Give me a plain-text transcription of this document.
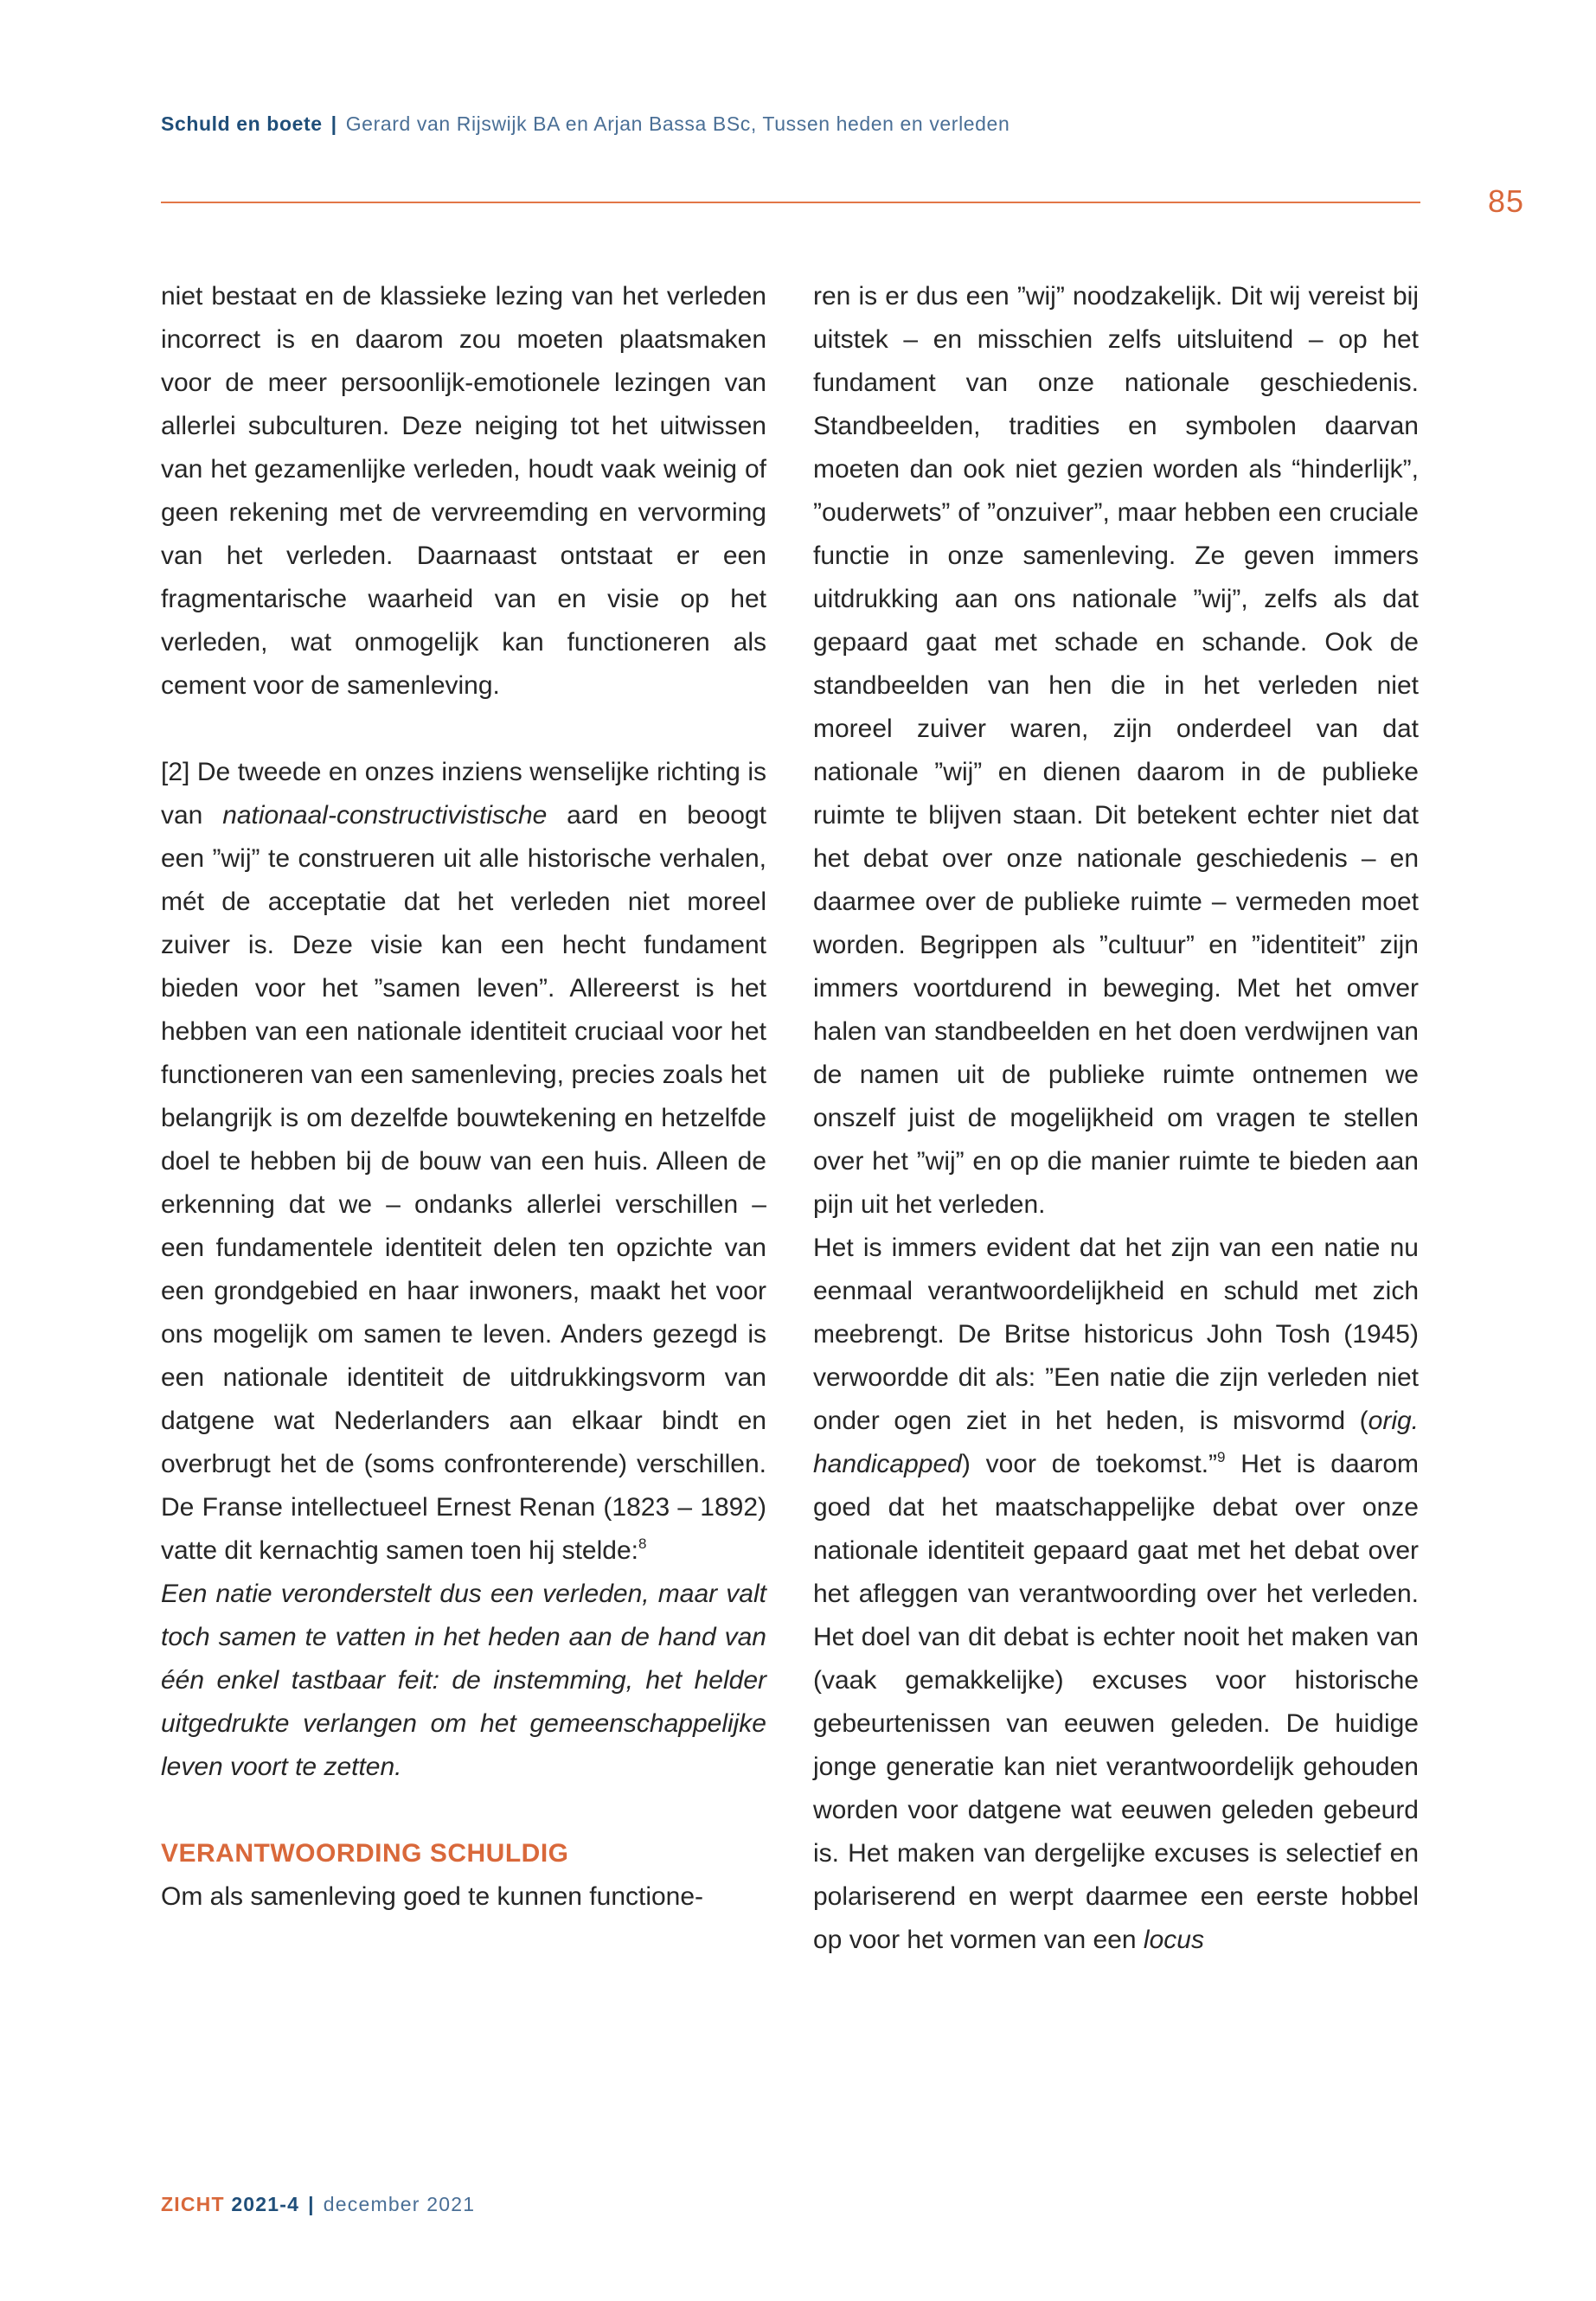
Schuld en boete | Gerard van Rijswijk BA en Arjan Bassa BSc, Tussen heden en verleden
85

niet bestaat en de klassieke lezing van het verleden incorrect is en daarom zou moeten plaatsmaken voor de meer persoonlijk-emotionele lezingen van allerlei subculturen. Deze neiging tot het uitwissen van het gezamenlijke verleden, houdt vaak weinig of geen rekening met de vervreemding en vervorming van het verleden. Daarnaast ontstaat er een fragmentarische waarheid van en visie op het verleden, wat onmogelijk kan functioneren als cement voor de samenleving.

[2] De tweede en onzes inziens wenselijke richting is van nationaal-constructivistische aard en beoogt een ”wij” te construeren uit alle historische verhalen, mét de acceptatie dat het verleden niet moreel zuiver is. Deze visie kan een hecht fundament bieden voor het ”samen leven”. Allereerst is het hebben van een nationale identiteit cruciaal voor het functioneren van een samenleving, precies zoals het belangrijk is om dezelfde bouwtekening en hetzelfde doel te hebben bij de bouw van een huis. Alleen de erkenning dat we – ondanks allerlei verschillen – een fundamentele identiteit delen ten opzichte van een grondgebied en haar inwoners, maakt het voor ons mogelijk om samen te leven. Anders gezegd is een nationale identiteit de uitdrukkingsvorm van datgene wat Nederlanders aan elkaar bindt en overbrugt het de (soms confronterende) verschillen. De Franse intellectueel Ernest Renan (1823 – 1892) vatte dit kernachtig samen toen hij stelde:$^8$

Een natie veronderstelt dus een verleden, maar valt toch samen te vatten in het heden aan de hand van één enkel tastbaar feit: de instemming, het helder uitgedrukte verlangen om het gemeenschappelijke leven voort te zetten.

VERANTWOORDING SCHULDIG

Om als samenleving goed te kunnen functione-

ren is er dus een ”wij” noodzakelijk. Dit wij vereist bij uitstek – en misschien zelfs uitsluitend – op het fundament van onze nationale geschiedenis. Standbeelden, tradities en symbolen daarvan moeten dan ook niet gezien worden als “hinderlijk”, ”ouderwets” of ”onzuiver”, maar hebben een cruciale functie in onze samenleving. Ze geven immers uitdrukking aan ons nationale ”wij”, zelfs als dat gepaard gaat met schade en schande. Ook de standbeelden van hen die in het verleden niet moreel zuiver waren, zijn onderdeel van dat nationale ”wij” en dienen daarom in de publieke ruimte te blijven staan. Dit betekent echter niet dat het debat over onze nationale geschiedenis – en daarmee over de publieke ruimte – vermeden moet worden. Begrippen als ”cultuur” en ”identiteit” zijn immers voortdurend in beweging. Met het omver halen van standbeelden en het doen verdwijnen van de namen uit de publieke ruimte ontnemen we onszelf juist de mogelijkheid om vragen te stellen over het ”wij” en op die manier ruimte te bieden aan pijn uit het verleden.

Het is immers evident dat het zijn van een natie nu eenmaal verantwoordelijkheid en schuld met zich meebrengt. De Britse historicus John Tosh (1945) verwoordde dit als: ”Een natie die zijn verleden niet onder ogen ziet in het heden, is misvormd (orig. handicapped) voor de toekomst.”$^9$ Het is daarom goed dat het maatschappelijke debat over onze nationale identiteit gepaard gaat met het debat over het afleggen van verantwoording over het verleden. Het doel van dit debat is echter nooit het maken van (vaak gemakkelijke) excuses voor historische gebeurtenissen van eeuwen geleden. De huidige jonge generatie kan niet verantwoordelijk gehouden worden voor datgene wat eeuwen geleden gebeurd is. Het maken van dergelijke excuses is selectief en polariserend en werpt daarmee een eerste hobbel op voor het vormen van een locus

ZICHT 2021-4 | december 2021
